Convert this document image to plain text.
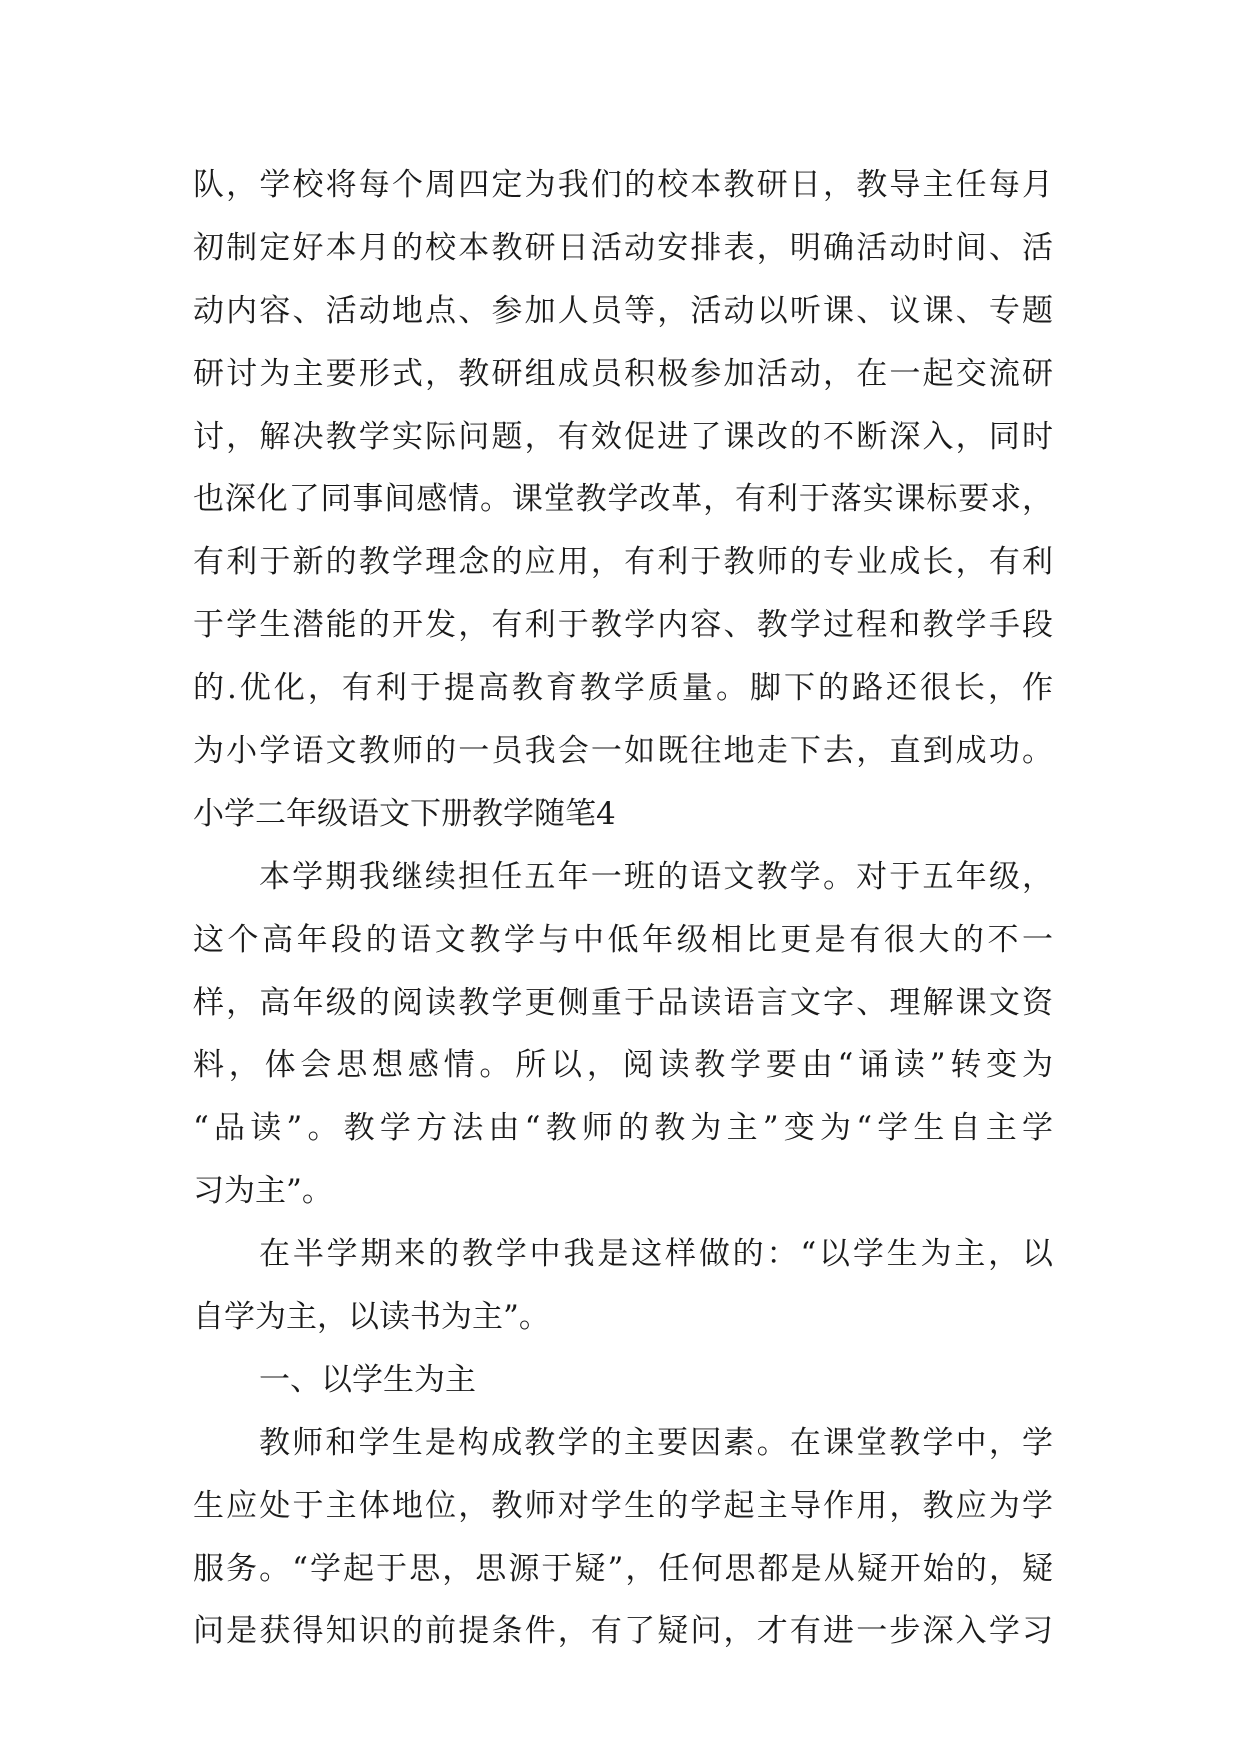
队，学校将每个周四定为我们的校本教研日，教导主任每月
初制定好本月的校本教研日活动安排表，明确活动时间、活
动内容、活动地点、参加人员等，活动以听课、议课、专题
研讨为主要形式，教研组成员积极参加活动，在一起交流研
讨，解决教学实际问题，有效促进了课改的不断深入，同时
也深化了同事间感情。课堂教学改革，有利于落实课标要求，
有利于新的教学理念的应用，有利于教师的专业成长，有利
于学生潜能的开发，有利于教学内容、教学过程和教学手段
的.优化，有利于提高教育教学质量。脚下的路还很长，作
为小学语文教师的一员我会一如既往地走下去，直到成功。
小学二年级语文下册教学随笔4
本学期我继续担任五年一班的语文教学。对于五年级，
这个高年段的语文教学与中低年级相比更是有很大的不一
样，高年级的阅读教学更侧重于品读语言文字、理解课文资
料，体会思想感情。所以，阅读教学要由“诵读”转变为
“品读”。教学方法由“教师的教为主”变为“学生自主学
习为主”。
在半学期来的教学中我是这样做的：“以学生为主，以
自学为主，以读书为主”。
一、以学生为主
教师和学生是构成教学的主要因素。在课堂教学中，学
生应处于主体地位，教师对学生的学起主导作用，教应为学
服务。“学起于思，思源于疑”，任何思都是从疑开始的，疑
问是获得知识的前提条件，有了疑问，才有进一步深入学习
